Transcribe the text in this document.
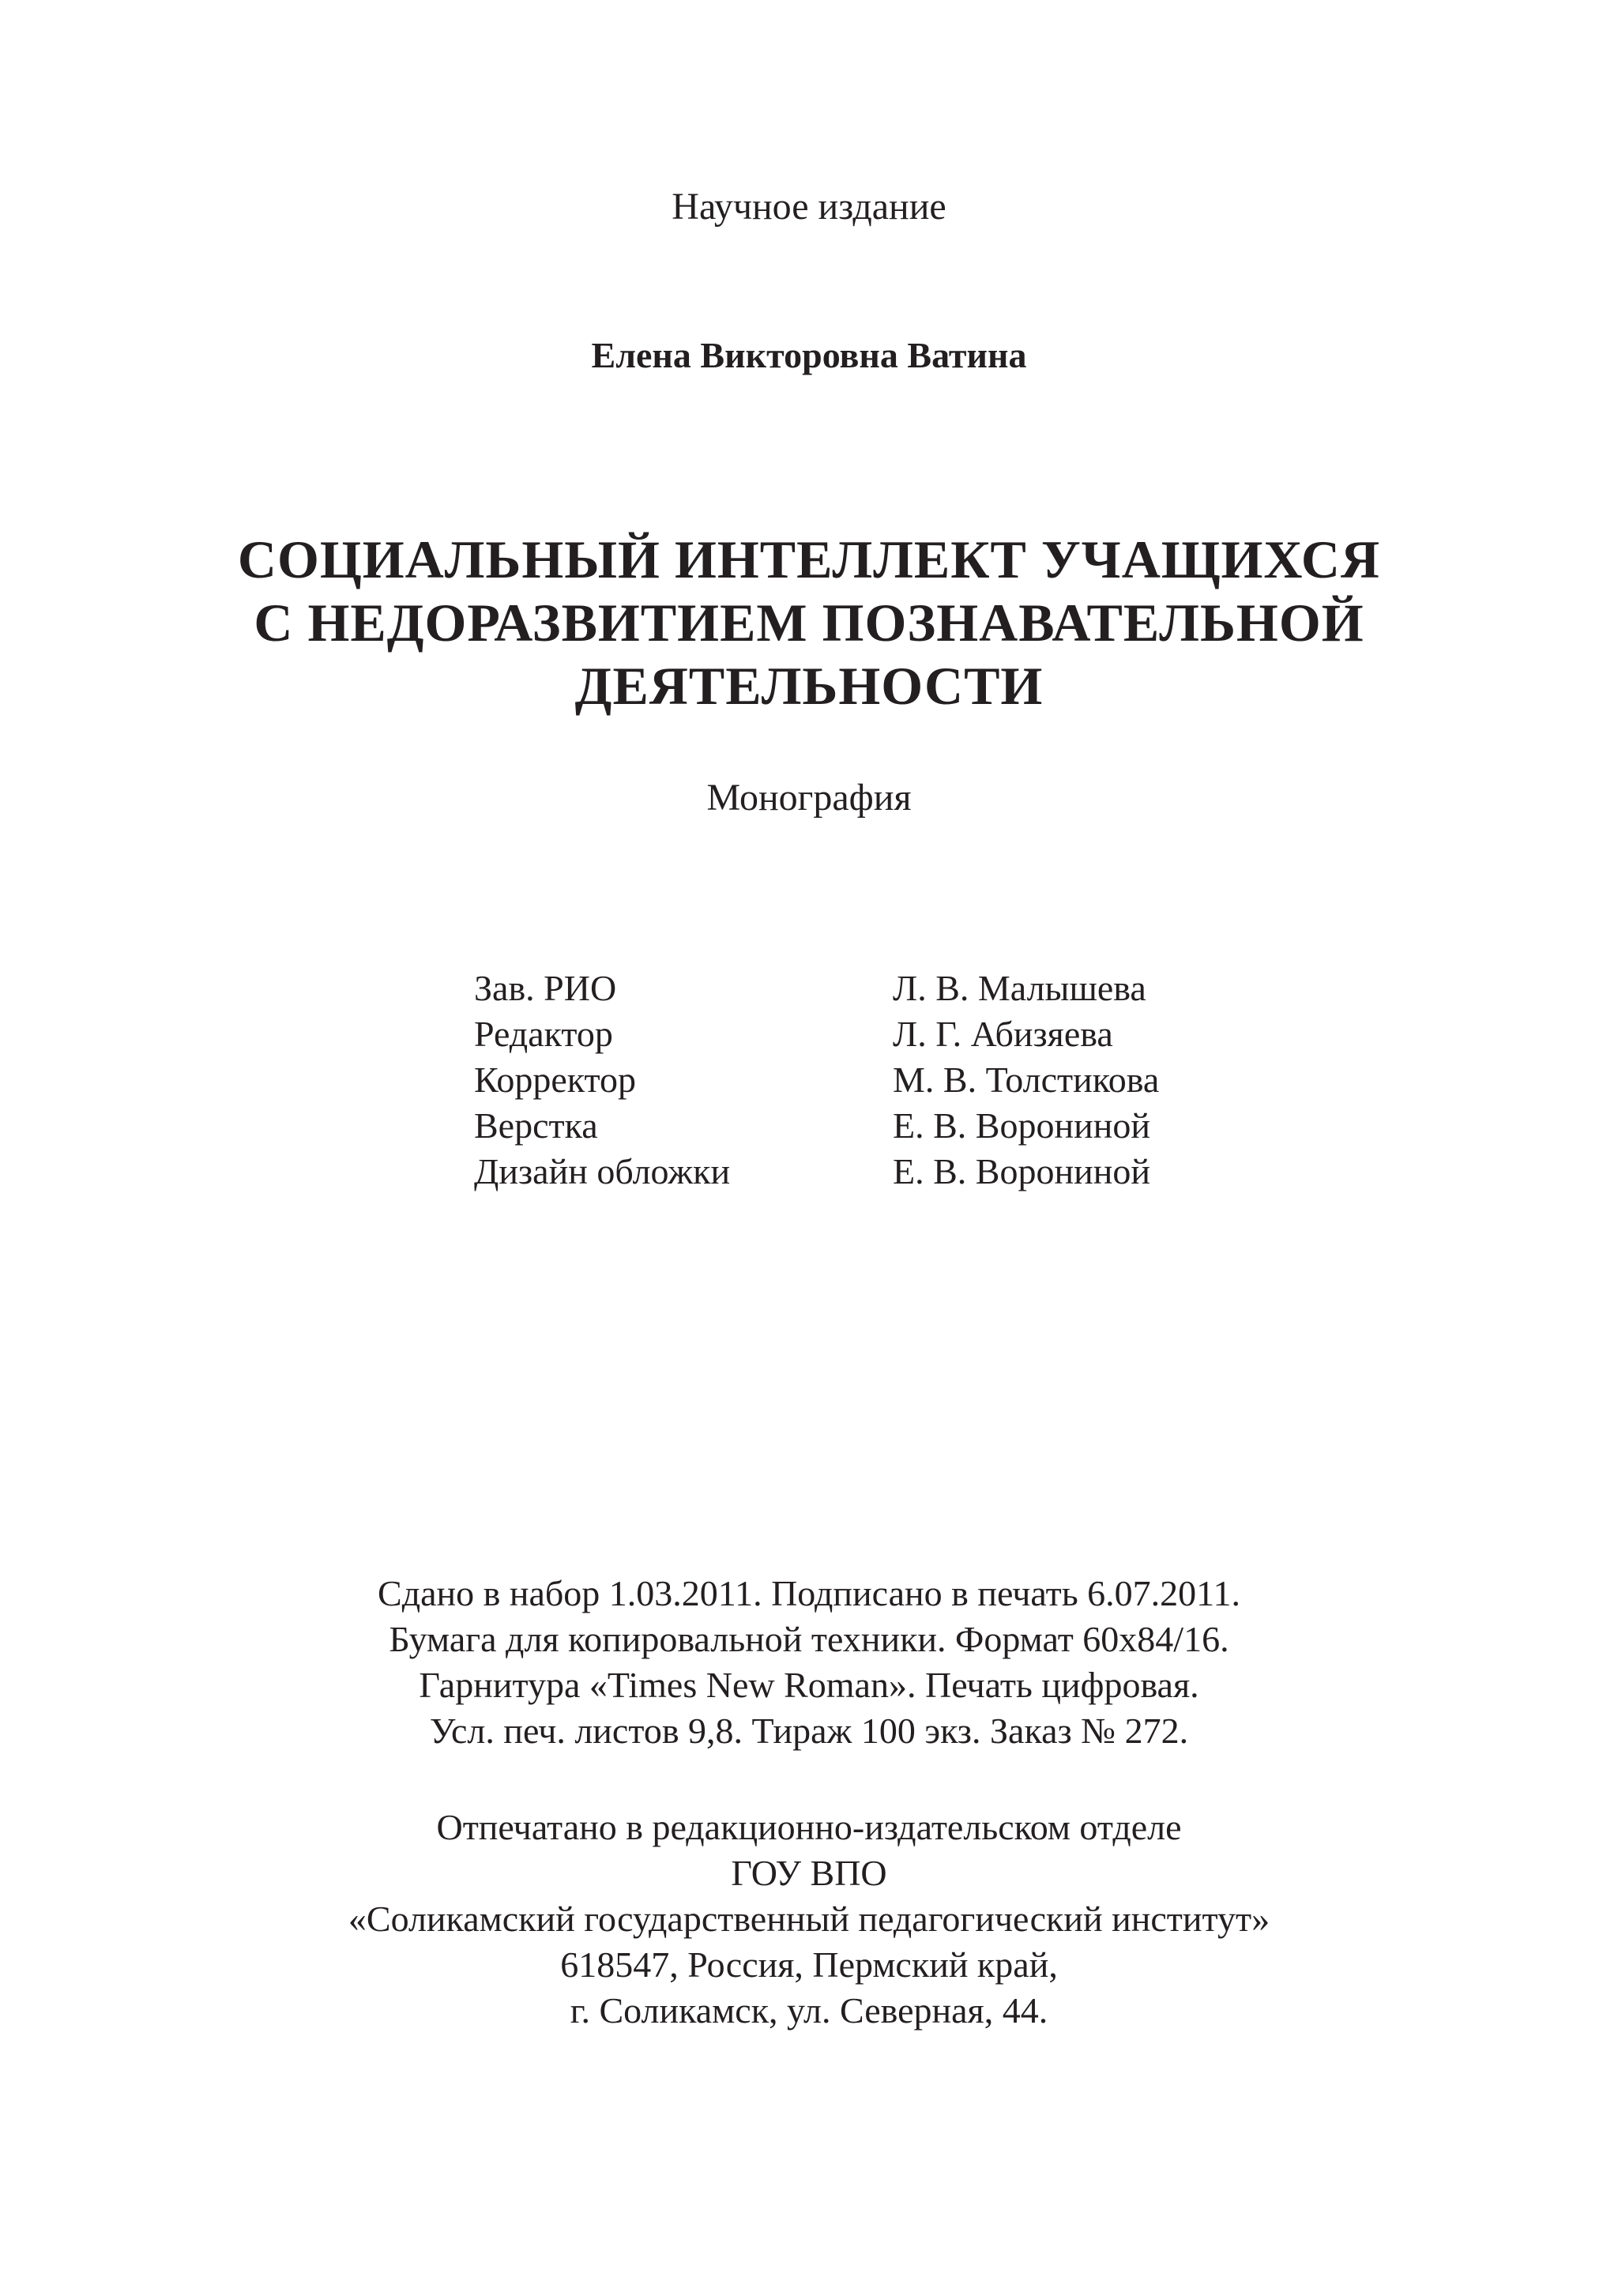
Научное издание
Елена Викторовна Ватина
СОЦИАЛЬНЫЙ ИНТЕЛЛЕКТ УЧАЩИХСЯ
С НЕДОРАЗВИТИЕМ ПОЗНАВАТЕЛЬНОЙ
ДЕЯТЕЛЬНОСТИ
Монография
Зав. РИО	Л. В. Малышева
Редактор	Л. Г. Абизяева
Корректор	М. В. Толстикова
Верстка	Е. В. Ворониной
Дизайн обложки	Е. В. Ворониной
Сдано в набор 1.03.2011. Подписано в печать 6.07.2011.
Бумага для копировальной техники. Формат 60х84/16.
Гарнитура «Times New Roman». Печать цифровая.
Усл. печ. листов 9,8. Тираж 100 экз. Заказ № 272.
Отпечатано в редакционно-издательском отделе
ГОУ ВПО
«Соликамский государственный педагогический институт»
618547, Россия, Пермский край,
г. Соликамск, ул. Северная, 44.
